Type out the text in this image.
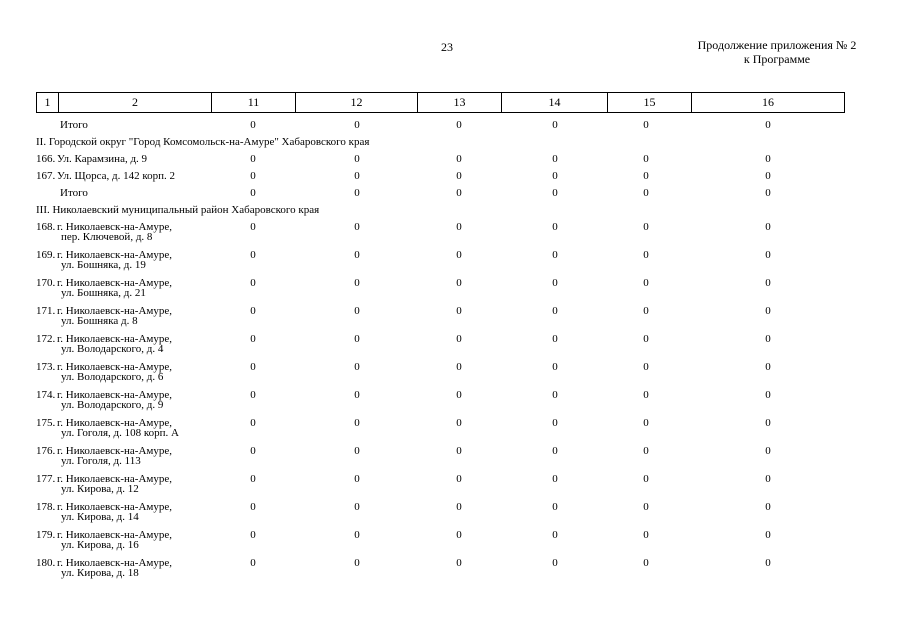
23	Продолжение приложения № 2
к Программе
1	2	11	12	13	14	15	16
Итого	0	0	0	0	0	0
II. Городской округ "Город Комсомольск-на-Амуре" Хабаровского края
166. Ул. Карамзина, д. 9	0	0	0	0	0	0
167. Ул. Щорса, д. 142 корп. 2	0	0	0	0	0	0
Итого	0	0	0	0	0	0
III. Николаевский муниципальный район Хабаровского края
168. г. Николаевск-на-Амуре,
пер. Ключевой, д. 8
0	0	0	0	0	0
169. г. Николаевск-на-Амуре,
ул. Бошняка, д. 19
0	0	0	0	0	0
170. г. Николаевск-на-Амуре,
ул. Бошняка, д. 21
0	0	0	0	0	0
171. г. Николаевск-на-Амуре,
ул. Бошняка д. 8
0	0	0	0	0	0
172. г. Николаевск-на-Амуре,
ул. Володарского, д. 4
0	0	0	0	0	0
173. г. Николаевск-на-Амуре,
ул. Володарского, д. 6
0	0	0	0	0	0
174. г. Николаевск-на-Амуре,
ул. Володарского, д. 9
0	0	0	0	0	0
175. г. Николаевск-на-Амуре,
ул. Гоголя, д. 108 корп. А
0	0	0	0	0	0
176. г. Николаевск-на-Амуре,
ул. Гоголя, д. 113
0	0	0	0	0	0
177. г. Николаевск-на-Амуре,
ул. Кирова, д. 12
0	0	0	0	0	0
178. г. Николаевск-на-Амуре,
ул. Кирова, д. 14
0	0	0	0	0	0
179. г. Николаевск-на-Амуре,
ул. Кирова, д. 16
0	0	0	0	0	0
180. г. Николаевск-на-Амуре,
ул. Кирова, д. 18
0	0	0	0	0	0
